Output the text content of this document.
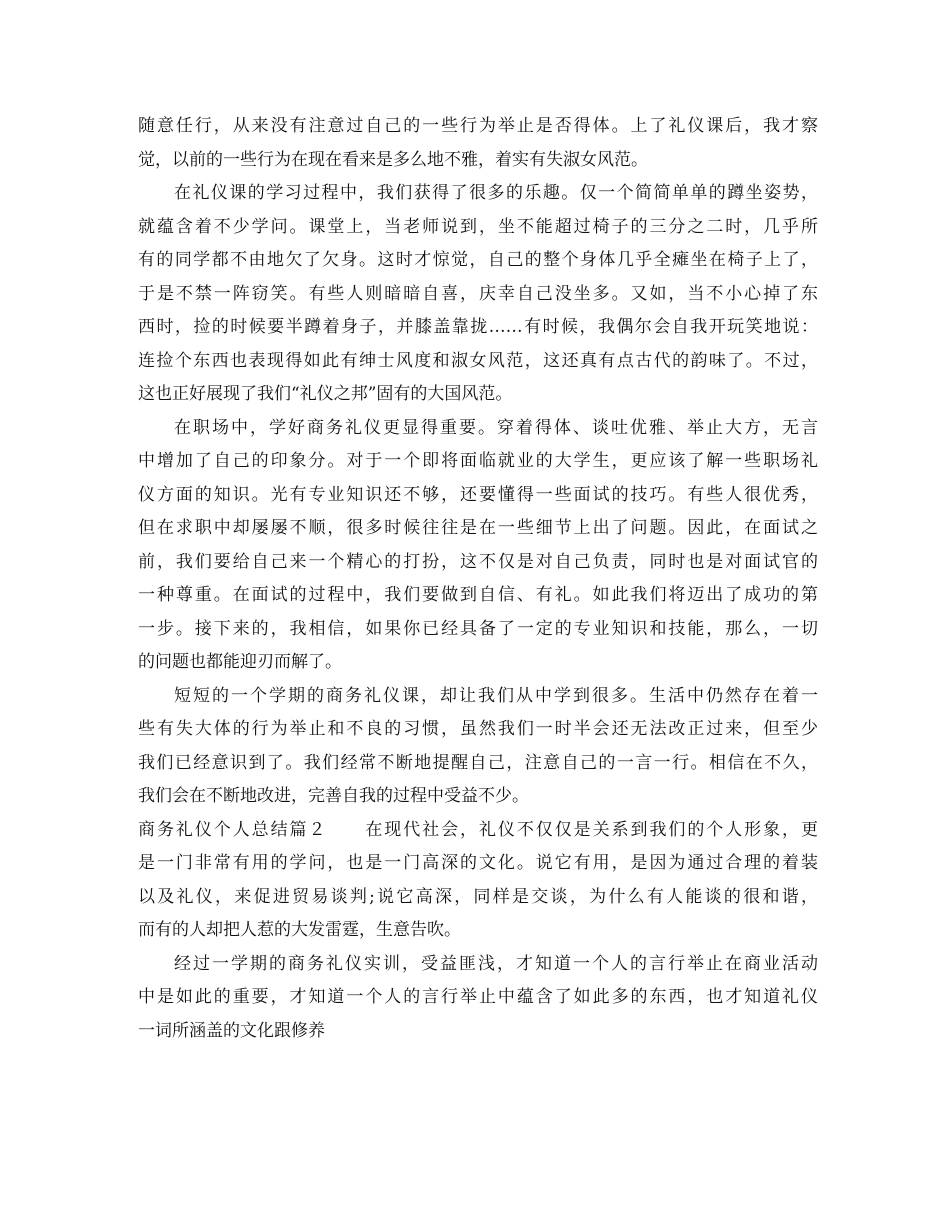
随意任行，从来没有注意过自己的一些行为举止是否得体。上了礼仪课后，我才察
觉，以前的一些行为在现在看来是多么地不雅，着实有失淑女风范。
在礼仪课的学习过程中，我们获得了很多的乐趣。仅一个简简单单的蹲坐姿势，
就蕴含着不少学问。课堂上，当老师说到，坐不能超过椅子的三分之二时，几乎所
有的同学都不由地欠了欠身。这时才惊觉，自己的整个身体几乎全瘫坐在椅子上了，
于是不禁一阵窃笑。有些人则暗暗自喜，庆幸自己没坐多。又如，当不小心掉了东
西时，捡的时候要半蹲着身子，并膝盖靠拢……有时候，我偶尔会自我开玩笑地说：
连捡个东西也表现得如此有绅士风度和淑女风范，这还真有点古代的韵味了。不过，
这也正好展现了我们“礼仪之邦”固有的大国风范。
在职场中，学好商务礼仪更显得重要。穿着得体、谈吐优雅、举止大方，无言
中增加了自己的印象分。对于一个即将面临就业的大学生，更应该了解一些职场礼
仪方面的知识。光有专业知识还不够，还要懂得一些面试的技巧。有些人很优秀，
但在求职中却屡屡不顺，很多时候往往是在一些细节上出了问题。因此，在面试之
前，我们要给自己来一个精心的打扮，这不仅是对自己负责，同时也是对面试官的
一种尊重。在面试的过程中，我们要做到自信、有礼。如此我们将迈出了成功的第
一步。接下来的，我相信，如果你已经具备了一定的专业知识和技能，那么，一切
的问题也都能迎刃而解了。
短短的一个学期的商务礼仪课，却让我们从中学到很多。生活中仍然存在着一
些有失大体的行为举止和不良的习惯，虽然我们一时半会还无法改正过来，但至少
我们已经意识到了。我们经常不断地提醒自己，注意自己的一言一行。相信在不久，
我们会在不断地改进，完善自我的过程中受益不少。
商务礼仪个人总结篇２　　在现代社会，礼仪不仅仅是关系到我们的个人形象，更
是一门非常有用的学问，也是一门高深的文化。说它有用，是因为通过合理的着装
以及礼仪，来促进贸易谈判;说它高深，同样是交谈，为什么有人能谈的很和谐，
而有的人却把人惹的大发雷霆，生意告吹。
经过一学期的商务礼仪实训，受益匪浅，才知道一个人的言行举止在商业活动
中是如此的重要，才知道一个人的言行举止中蕴含了如此多的东西，也才知道礼仪
一词所涵盖的文化跟修养
